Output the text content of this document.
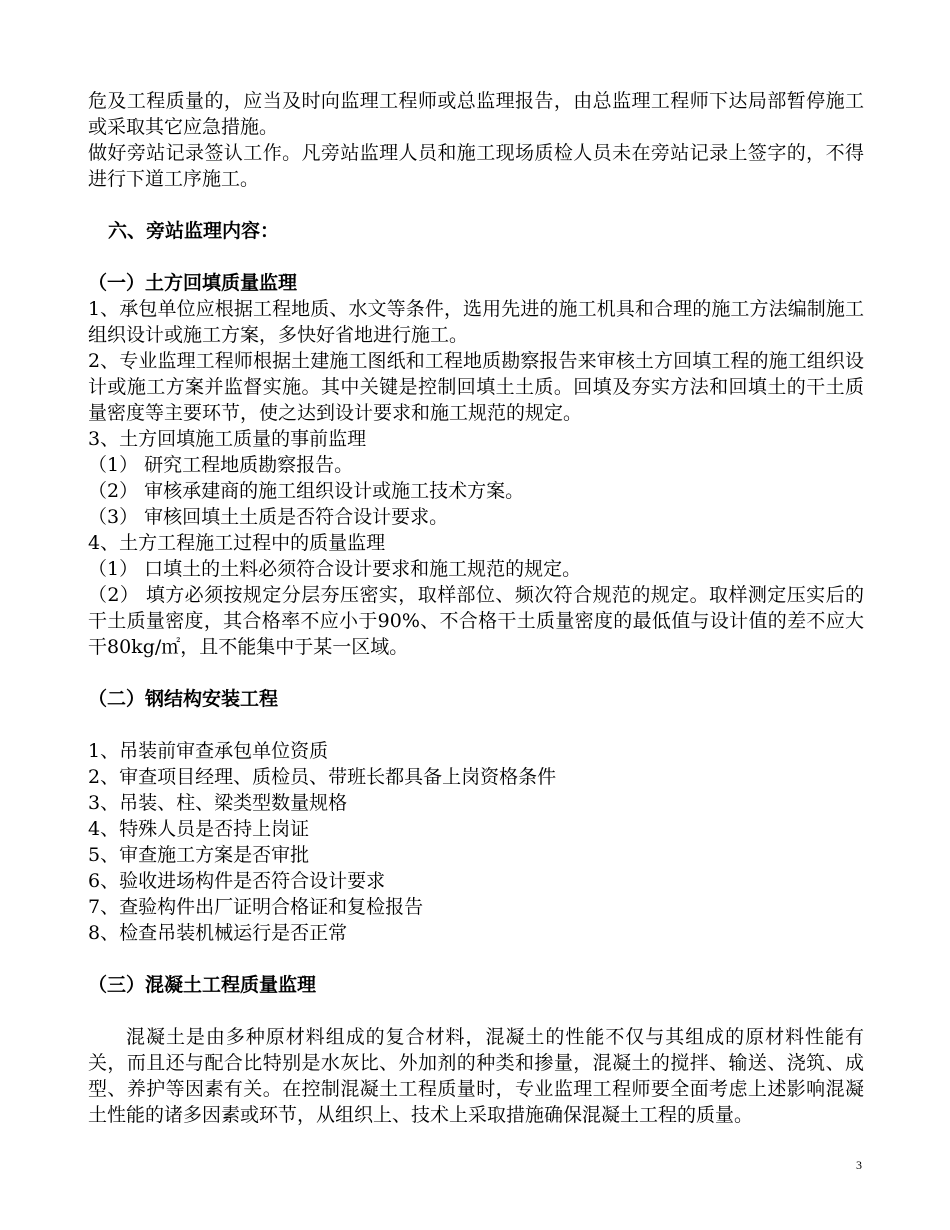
危及工程质量的，应当及时向监理工程师或总监理报告，由总监理工程师下达局部暂停施工或采取其它应急措施。

做好旁站记录签认工作。凡旁站监理人员和施工现场质检人员未在旁站记录上签字的，不得进行下道工序施工。

六、旁站监理内容：

（一）土方回填质量监理

1、承包单位应根据工程地质、水文等条件，选用先进的施工机具和合理的施工方法编制施工组织设计或施工方案，多快好省地进行施工。

2、专业监理工程师根据土建施工图纸和工程地质勘察报告来审核土方回填工程的施工组织设计或施工方案并监督实施。其中关键是控制回填土土质。回填及夯实方法和回填土的干土质量密度等主要环节，使之达到设计要求和施工规范的规定。

3、土方回填施工质量的事前监理

（1） 研究工程地质勘察报告。

（2） 审核承建商的施工组织设计或施工技术方案。

（3） 审核回填土土质是否符合设计要求。

4、土方工程施工过程中的质量监理

（1） 口填土的土料必须符合设计要求和施工规范的规定。

（2） 填方必须按规定分层夯压密实，取样部位、频次符合规范的规定。取样测定压实后的干土质量密度，其合格率不应小于90%、不合格干土质量密度的最低值与设计值的差不应大干80kg/㎡，且不能集中于某一区域。

（二）钢结构安装工程

1、吊装前审查承包单位资质

2、审查项目经理、质检员、带班长都具备上岗资格条件

3、吊装、柱、梁类型数量规格

4、特殊人员是否持上岗证

5、审查施工方案是否审批

6、验收进场构件是否符合设计要求

7、查验构件出厂证明合格证和复检报告

8、检查吊装机械运行是否正常

（三）混凝土工程质量监理

混凝土是由多种原材料组成的复合材料，混凝土的性能不仅与其组成的原材料性能有关，而且还与配合比特别是水灰比、外加剂的种类和掺量，混凝土的搅拌、输送、浇筑、成型、养护等因素有关。在控制混凝土工程质量时，专业监理工程师要全面考虑上述影响混凝土性能的诸多因素或环节，从组织上、技术上采取措施确保混凝土工程的质量。

3
